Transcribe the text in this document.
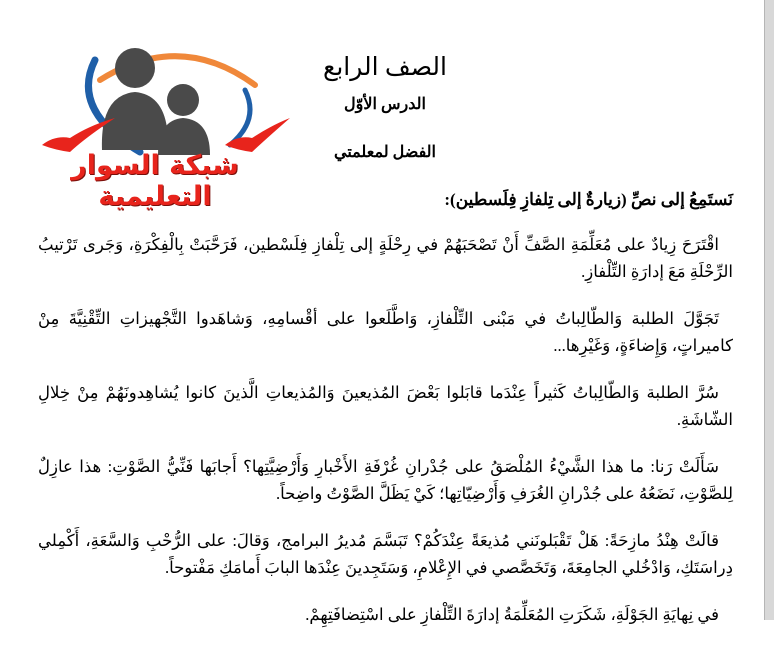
شبكة السوار التعليمية
الصف الرابع
الدرس الأوّل
الفضل لمعلمتي

نَستَمِعُ إلى نصِّ (زيارةٌ إلى تِلفازِ فِلَسطين):

اقْتَرَحَ زِيادٌ على مُعَلِّمَةِ الصَّفِّ أَنْ تَصْحَبَهُمْ في رِحْلَةٍ إلى تِلْفازِ فِلَسْطين، فَرَحَّبَتْ بِالْفِكْرَةِ، وَجَرى تَرْتيبُ الرِّحْلَةِ مَعَ إدارَةِ التِّلْفازِ.

تَجَوَّلَ الطلبة وَالطّالِباتُ في مَبْنى التِّلْفازِ، وَاطَّلَعوا على أقْسامِهِ، وَشاهَدوا التَّجْهيزاتِ التِّقْنِيَّةَ مِنْ كاميراتٍ، وَإِضاءَةٍ، وَغَيْرِها...

سُرَّ الطلبة وَالطّالِباتُ كَثيراً عِنْدَما قابَلوا بَعْضَ المُذيعينَ وَالمُذيعاتِ الَّذينَ كانوا يُشاهِدونَهُمْ مِنْ خِلالِ الشّاشَةِ.

سَأَلَتْ رَنا: ما هذا الشَّيْءُ المُلْصَقُ على جُدْرانِ غُرْفَةِ الأَخْبارِ وَأَرْضِيَّتِها؟ أَجابَها فَنِّيُّ الصَّوْتِ: هذا عازِلٌ لِلصَّوْتِ، نَضَعُهُ على جُدْرانِ الغُرَفِ وَأَرْضِيّاتِها؛ كَيْ يَظَلَّ الصَّوْتُ واضِحاً.

قالَتْ هِنْدُ مازِحَةً: هَلْ تَقْبَلونَني مُذيعَةً عِنْدَكُمْ؟ تَبَسَّمَ مُديرُ البرامج، وَقالَ: على الرُّحْبِ وَالسَّعَةِ، أَكْمِلي دِراسَتَكِ، وَادْخُلي الجامِعَةَ، وَتَخَصَّصي في الإِعْلامِ، وَسَتَجِدينَ عِنْدَها البابَ أَمامَكِ مَفْتوحاً.

في نِهايَةِ الجَوْلَةِ، شَكَرَتِ المُعَلِّمَةُ إدارَةَ التِّلْفازِ على اسْتِضافَتِهِمْ.
